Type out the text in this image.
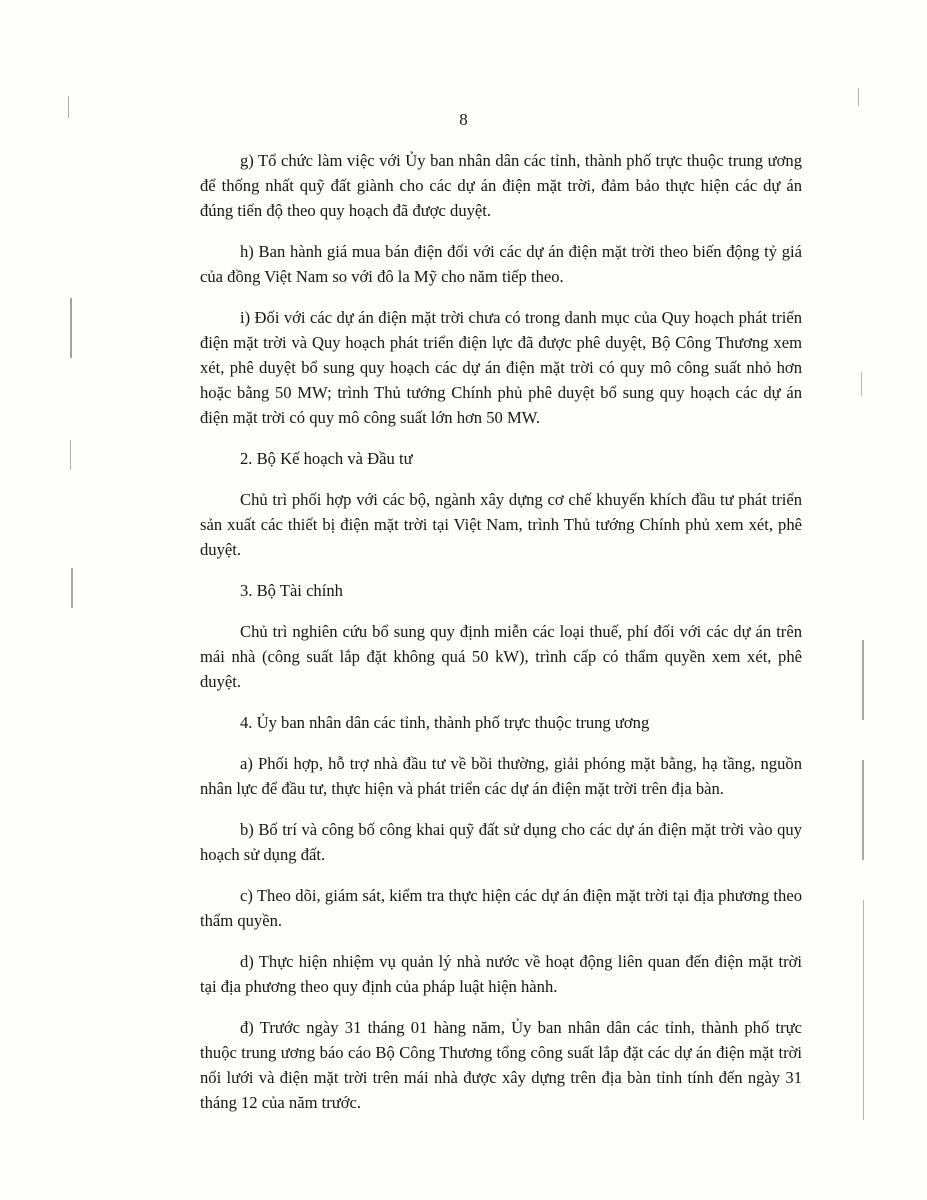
8

g) Tổ chức làm việc với Ủy ban nhân dân các tỉnh, thành phố trực thuộc trung ương để thống nhất quỹ đất giành cho các dự án điện mặt trời, đảm bảo thực hiện các dự án đúng tiến độ theo quy hoạch đã được duyệt.

h) Ban hành giá mua bán điện đối với các dự án điện mặt trời theo biến động tỷ giá của đồng Việt Nam so với đô la Mỹ cho năm tiếp theo.

i) Đối với các dự án điện mặt trời chưa có trong danh mục của Quy hoạch phát triển điện mặt trời và Quy hoạch phát triển điện lực đã được phê duyệt, Bộ Công Thương xem xét, phê duyệt bổ sung quy hoạch các dự án điện mặt trời có quy mô công suất nhỏ hơn hoặc bằng 50 MW; trình Thủ tướng Chính phủ phê duyệt bổ sung quy hoạch các dự án điện mặt trời có quy mô công suất lớn hơn 50 MW.

2. Bộ Kế hoạch và Đầu tư

Chủ trì phối hợp với các bộ, ngành xây dựng cơ chế khuyến khích đầu tư phát triển sản xuất các thiết bị điện mặt trời tại Việt Nam, trình Thủ tướng Chính phủ xem xét, phê duyệt.

3. Bộ Tài chính

Chủ trì nghiên cứu bổ sung quy định miễn các loại thuế, phí đối với các dự án trên mái nhà (công suất lắp đặt không quá 50 kW), trình cấp có thẩm quyền xem xét, phê duyệt.

4. Ủy ban nhân dân các tỉnh, thành phố trực thuộc trung ương

a) Phối hợp, hỗ trợ nhà đầu tư về bồi thường, giải phóng mặt bằng, hạ tầng, nguồn nhân lực để đầu tư, thực hiện và phát triển các dự án điện mặt trời trên địa bàn.

b) Bố trí và công bố công khai quỹ đất sử dụng cho các dự án điện mặt trời vào quy hoạch sử dụng đất.

c) Theo dõi, giám sát, kiểm tra thực hiện các dự án điện mặt trời tại địa phương theo thẩm quyền.

d) Thực hiện nhiệm vụ quản lý nhà nước về hoạt động liên quan đến điện mặt trời tại địa phương theo quy định của pháp luật hiện hành.

đ) Trước ngày 31 tháng 01 hàng năm, Ủy ban nhân dân các tỉnh, thành phố trực thuộc trung ương báo cáo Bộ Công Thương tổng công suất lắp đặt các dự án điện mặt trời nối lưới và điện mặt trời trên mái nhà được xây dựng trên địa bàn tỉnh tính đến ngày 31 tháng 12 của năm trước.
